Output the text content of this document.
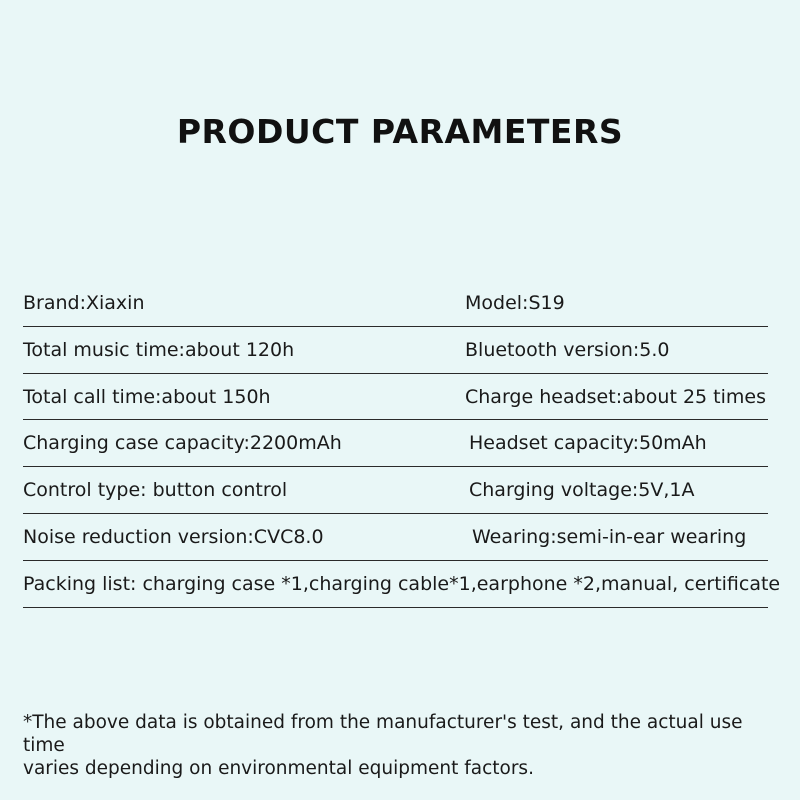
PRODUCT PARAMETERS
Brand:Xiaxin	Model:S19
Total music time:about 120h	Bluetooth version:5.0
Total call time:about 150h	Charge headset:about 25 times
Charging case capacity:2200mAh	Headset capacity:50mAh
Control type: button control	Charging voltage:5V,1A
Noise reduction version:CVC8.0	Wearing:semi-in-ear wearing
Packing list: charging case *1,charging cable*1,earphone *2,manual, certificate
*The above data is obtained from the manufacturer's test, and the actual use time
varies depending on environmental equipment factors.
